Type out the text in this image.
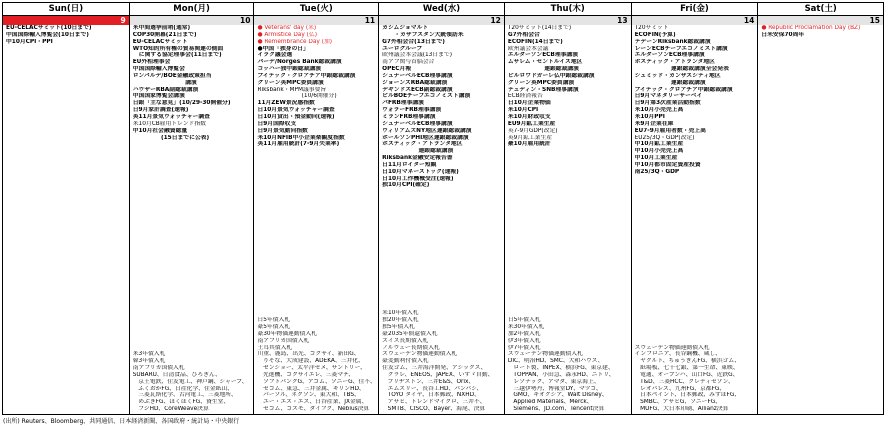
Sun(日)
9
EU-CELACサミット(10日まで)
中国国際輸入博覧会(10日まで)
中10月CPI・PPI
Mon(月)
10
米中間選挙前哨(通常)
COP30開幕(21日まで)
EU-CELACサミット
WTO知的所有権の貿易関連の側面
に関する協定理事会(11日まで)
EU外相理事会
中国国際輸入博覧会
ロンバルデ/BOE金融政策担当
講演
ハウザーRBA副総裁講演
中国国家博覧会講演
日銀「主な意見」(10/29-30開催分)
日9月家計調査(速報)
英11月景気ウォッチャー調査
米10月CB雇用トレンド指数
中10月社会融資総量
(15日までに公表)
米3年債入札
韓3年債入札
南アフリカ国債入札
SUBARU、日清食品、ひろぎん、
京王電鉄、住友電工、神戸鋼、シャープ、
ふくおかFG、日産化学、住金紙山、
三菱瓦斯化学、古河電工、三菱地所、
めぶきFG、ほくほくFG、資生堂、
フジHD、CoreWeave決算
Tue(火)
11
● Veterans' day (米)
● Armistice Day (仏)
● Remembrance Day (加)
●中国「独身の日」
イラク議会選
バーデ/Norges Bank総裁講演
コッハー独中銀総裁講演
ブイテック・クロアチア中銀総裁講演
グリーン英MPC委員講演
Riksbank・MPM議事要旨
(10/6開催分)
11月ZEW景況感指数
日10月景気ウォッチャー調査
日10月貸出・預金動向(速報)
日9月国際収支
日9月景気動向指数
米10月NFIB中小企業楽観度指数
英11月雇用統計(7-9月失業率)
日5年債入札
豪5年債入札
豪30年物価連動債入札
南アフリカ国債入札
土耳其債入札
川重、鹿島、出光、コクサイ、新田G、
りそな、大成建設、ADEKA、三井化、
ゼンショー、太平洋セメ、サントリー、
先進機、コクサイエレ、三菱マテ、
ソフトバンクG、アコム、ソニーG、住不、
セコム、東急、三井金属、キリンHD、
パーソル、ネクソン、東大和、TBS、
ユー・エス・エス、日谷産業、JX金属、
セコム、コスモ、ダイフク、Nebius決算
Wed(水)
12
カシムジョマルト
・カザフスタン大統領訪米
G7外相会合(13日まで)
ユーログループ
欧州議会本会議(13日まで)
南アフ関与首脳会合
OPEC月報
シュナーベルECB理事講演
ジョーンズRBA総裁講演
デギンドスECB副総裁講演
ピルBOEチーフエコノミスト講演
パFRB理事講演
ウォラーFRB理事講演
ミランFRB理事講演
シュナーベルECB理事講演
ウィリアムズNY地区連銀総裁講演
ボールソンPHI地区連銀総裁講演
ボスティック・アトランタ地区
連銀総裁講演
Riksbank金融安定報告書
日11月ロイター短観
日10月マネーストック(速報)
日10月工作機械受注(速報)
独10月CPI(確定)
米10年債入札
独20年債入札
独5年債入札
豪2035年償還債入札
スイス長期債入札
ノルウェー長期債入札
スウェーデン物価連動債入札
豪変動利付債入札
住友ゴム、三井海洋開発、アシックス、
クラレ、ENEOS、JAPEX、いすゞ自動、
ブリヂストン、三井E&S、Orix、
エムスリー、長谷工HD、パンパシ、
TOYO タイヤ、日本郵政、NXHD、
アサヒ、トレンドマイクロ、三井不、
SMTB、CISCO、Bayer、海尾、決算
Thu(木)
13
T20サミット(14日まで)
G7外相会合
ECOFIN(14日まで)
欧州議会本会議
エルダーソンECB理事講演
ムサレム・セントルイス地区
連銀総裁講演
ピルロワドガーレ仏中銀総裁講演
グリーン英MPC委員講演
テュディン・SNB理事講演
ECB経済報告
日10月企業物価
米10月CPI
米10月財政収支
EU9月鉱工業生産
英7-9月GDP(改定)
英9月鉱工業生産
豪10月雇用統計
日5年債入札
米30年債入札
加2年債入札
伊3年債入札
伊7年債入札
スウェーデン物価連動債入札
DIC、明治HD、SMC、大和ハウス、
ロート製、INPEX、横浜FG、東京建、
TOPPAN、小田急、森永HD、ニトリ、
レゾナック、アマダ、東京海上、
三越伊勢丹、博報堂DY、マツコ、
GMO、キオクシア、Walt Disney、
Applied Materials、Merck、
Siemens、JD.com、Tencent決算
Fri(金)
14
T20サミット
ECOFIN(予算)
テデーンRiksbank総裁講演
レーンECBチーフエコノミスト講演
エルダーソンECB理事講演
ボスティック・アトランタ地区
連銀総裁講演全会発表
シュミッド・カンザスシティ地区
連銀総裁講演
ブイテック・クロアチア中銀総裁講演
日9月マネタリーサーベイ
日9月第3次産業活動指数
米10月小売売上高
米10月PPI
米9月企業在庫
EU7-9月雇用者数・売上高
EU25/3Q・GDP(改定)
中10月鉱工業生産
中10月小売売上高
中10月工業生産
中10月都市固定資産投資
南25/3Q・GDP
スウェーデン物価連動債入札
インフロニア、長谷鋼機、蔵し、
ヤクルト、ちゅうぎんFG、横浜ゴム、
紙場板、七十七銀、第一生命、東映、
電通、オープンハ、山口FG、近鉄G、
T&D、三菱HCC、クレディセゾン、
レオパレス、九州FG、京都FG、
日本ペイント、日本郵政、みずほFG、
SMBC、アサヒG、ソニーFG、
MUFG、大日本印刷、Allianz決算
Sat(土)
15
● Republic Proclamation Day (BZ)
日米安保70周年
(出所) Reuters、Bloomberg、共同通信、日本経済新聞、各国政府・統計局・中央銀行
